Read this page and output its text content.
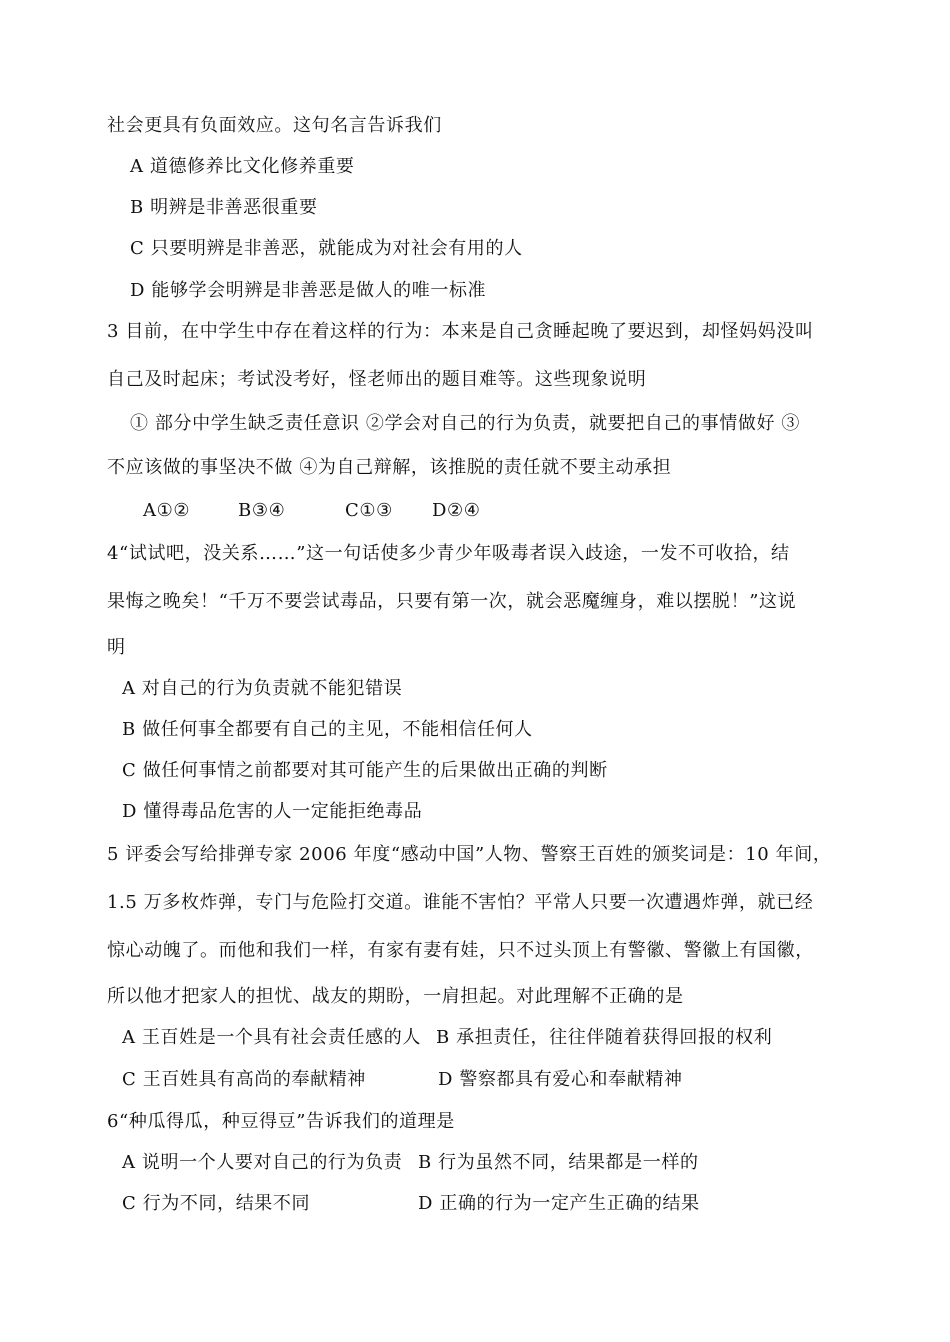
社会更具有负面效应。这句名言告诉我们
A 道德修养比文化修养重要
B 明辨是非善恶很重要
C 只要明辨是非善恶，就能成为对社会有用的人
D 能够学会明辨是非善恶是做人的唯一标准
3 目前，在中学生中存在着这样的行为：本来是自己贪睡起晚了要迟到，却怪妈妈没叫
自己及时起床；考试没考好，怪老师出的题目难等。这些现象说明
① 部分中学生缺乏责任意识 ②学会对自己的行为负责，就要把自己的事情做好 ③
不应该做的事坚决不做 ④为自己辩解，该推脱的责任就不要主动承担
A①②	B③④	C①③ D②④
4“试试吧，没关系……”这一句话使多少青少年吸毒者误入歧途，一发不可收拾，结
果悔之晚矣！“千万不要尝试毒品，只要有第一次，就会恶魔缠身，难以摆脱！”这说
明
A 对自己的行为负责就不能犯错误
B 做任何事全都要有自己的主见，不能相信任何人
C 做任何事情之前都要对其可能产生的后果做出正确的判断
D 懂得毒品危害的人一定能拒绝毒品
5 评委会写给排弹专家 2006 年度“感动中国”人物、警察王百姓的颁奖词是：10 年间，
1.5 万多枚炸弹，专门与危险打交道。谁能不害怕？平常人只要一次遭遇炸弹，就已经
惊心动魄了。而他和我们一样，有家有妻有娃，只不过头顶上有警徽、警徽上有国徽，
所以他才把家人的担忧、战友的期盼，一肩担起。对此理解不正确的是
A 王百姓是一个具有社会责任感的人 B 承担责任，往往伴随着获得回报的权利
C 王百姓具有高尚的奉献精神	D 警察都具有爱心和奉献精神
6“种瓜得瓜，种豆得豆”告诉我们的道理是
A 说明一个人要对自己的行为负责 B 行为虽然不同，结果都是一样的
C 行为不同，结果不同	D 正确的行为一定产生正确的结果
